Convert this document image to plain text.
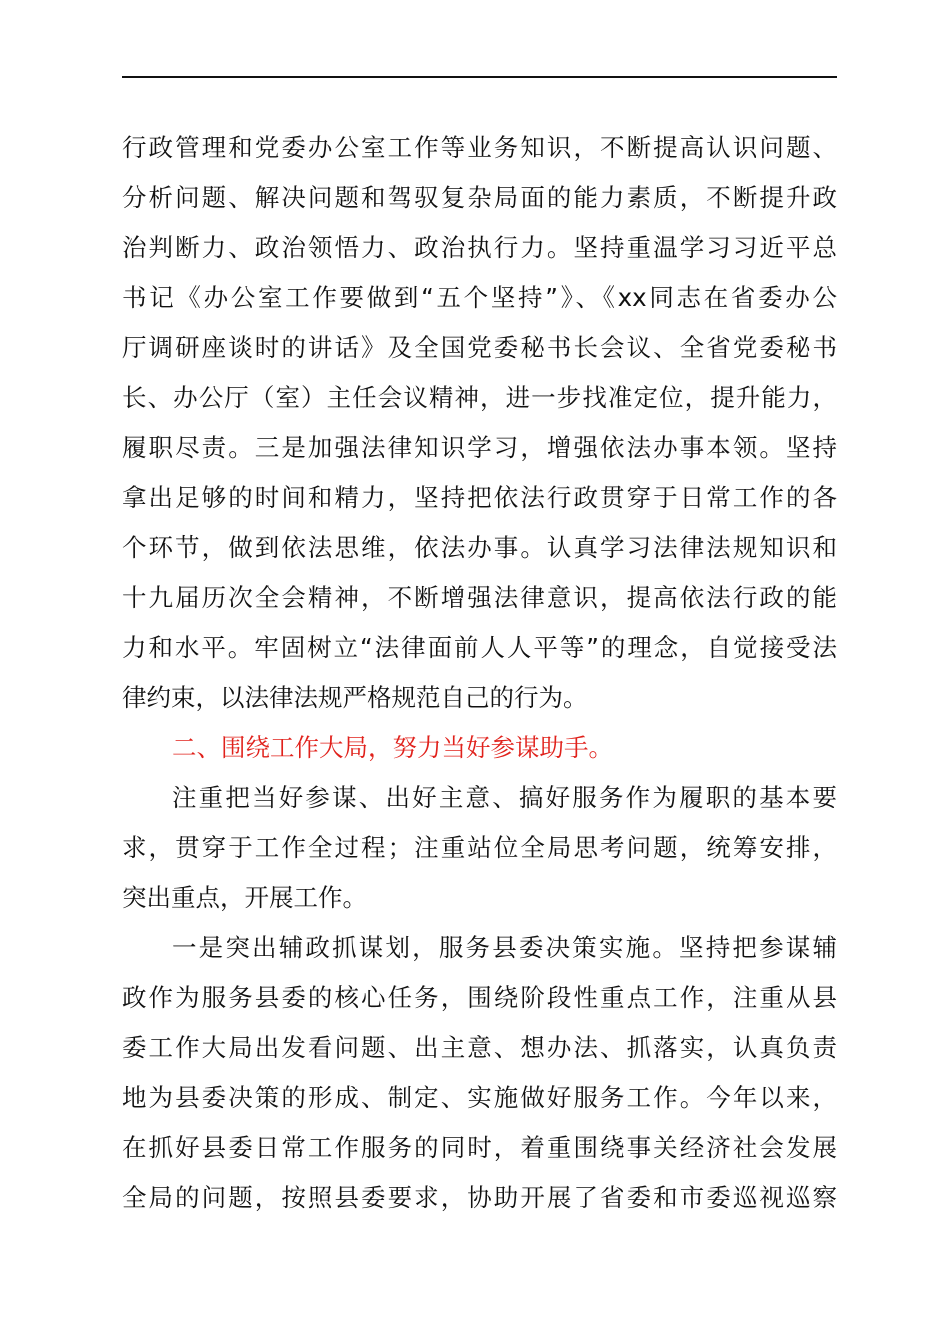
行政管理和党委办公室工作等业务知识，不断提高认识问题、
分析问题、解决问题和驾驭复杂局面的能力素质，不断提升政
治判断力、政治领悟力、政治执行力。坚持重温学习习近平总
书记《办公室工作要做到“五个坚持”》、《xx同志在省委办公
厅调研座谈时的讲话》及全国党委秘书长会议、全省党委秘书
长、办公厅（室）主任会议精神，进一步找准定位，提升能力，
履职尽责。三是加强法律知识学习，增强依法办事本领。坚持
拿出足够的时间和精力，坚持把依法行政贯穿于日常工作的各
个环节，做到依法思维，依法办事。认真学习法律法规知识和
十九届历次全会精神，不断增强法律意识，提高依法行政的能
力和水平。牢固树立“法律面前人人平等”的理念，自觉接受法
律约束，以法律法规严格规范自己的行为。
二、围绕工作大局，努力当好参谋助手。
注重把当好参谋、出好主意、搞好服务作为履职的基本要
求，贯穿于工作全过程；注重站位全局思考问题，统筹安排，
突出重点，开展工作。
一是突出辅政抓谋划，服务县委决策实施。坚持把参谋辅
政作为服务县委的核心任务，围绕阶段性重点工作，注重从县
委工作大局出发看问题、出主意、想办法、抓落实，认真负责
地为县委决策的形成、制定、实施做好服务工作。今年以来，
在抓好县委日常工作服务的同时，着重围绕事关经济社会发展
全局的问题，按照县委要求，协助开展了省委和市委巡视巡察
